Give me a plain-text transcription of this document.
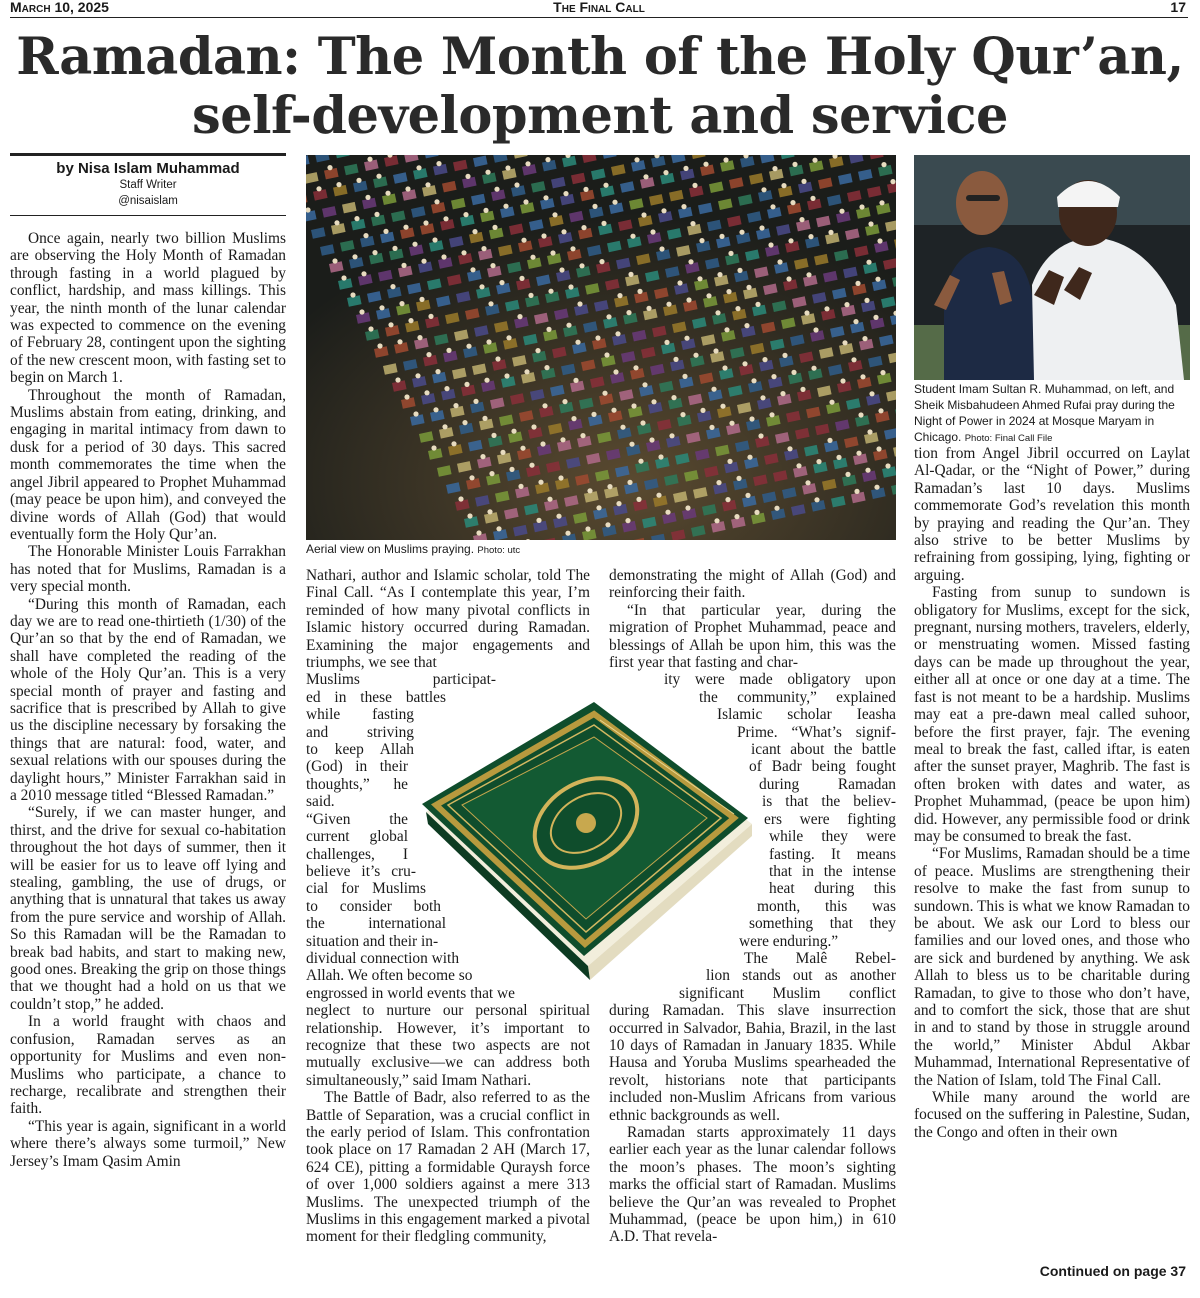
March 10, 2025	The Final Call	17
Ramadan: The Month of the Holy Qur’an,
self-development and service
by Nisa Islam Muhammad
Staff Writer
@nisaislam

Once again, nearly two billion Muslims are observing the Holy Month of Ramadan through fasting in a world plagued by conflict, hardship, and mass killings. This year, the ninth month of the lunar calendar was expected to commence on the evening of February 28, contingent upon the sighting of the new crescent moon, with fasting set to begin on March 1.

Throughout the month of Ramadan, Muslims abstain from eating, drinking, and engaging in marital intimacy from dawn to dusk for a period of 30 days. This sacred month commemorates the time when the angel Jibril appeared to Prophet Muhammad (may peace be upon him), and conveyed the divine words of Allah (God) that would eventually form the Holy Qur’an.

The Honorable Minister Louis Farrakhan has noted that for Muslims, Ramadan is a very special month.

“During this month of Ramadan, each day we are to read one-thirtieth (1/30) of the Qur’an so that by the end of Ramadan, we shall have completed the reading of the whole of the Holy Qur’an. This is a very special month of prayer and fasting and sacrifice that is prescribed by Allah to give us the discipline necessary by forsaking the things that are natural: food, water, and sexual relations with our spouses during the daylight hours,” Minister Farrakhan said in a 2010 message titled “Blessed Ramadan.”

“Surely, if we can master hunger, and thirst, and the drive for sexual co-habitation throughout the hot days of summer, then it will be easier for us to leave off lying and stealing, gambling, the use of drugs, or anything that is unnatural that takes us away from the pure service and worship of Allah. So this Ramadan will be the Ramadan to break bad habits, and start to making new, good ones. Breaking the grip on those things that we thought had a hold on us that we couldn’t stop,” he added.

In a world fraught with chaos and confusion, Ramadan serves as an opportunity for Muslims and even non-Muslims who participate, a chance to recharge, recalibrate and strengthen their faith.

“This year is again, significant in a world where there’s always some turmoil,” New Jersey’s Imam Qasim Amin

Aerial view on Muslims praying. Photo: utc

Nathari, author and Islamic scholar, told The Final Call. “As I contemplate this year, I’m reminded of how many pivotal conflicts in Islamic history occurred during Ramadan. Examining the major engagements and triumphs, we see that

Muslims participat-
ed in these battles
while fasting
and striving
to keep Allah
(God) in their
thoughts,” he
said.
“Given the
current global
challenges, I
believe it’s cru-
cial for Muslims
to consider both
the international
situation and their in-
dividual connection with
Allah. We often become so
engrossed in world events that we

neglect to nurture our personal spiritual relationship. However, it’s important to recognize that these two aspects are not mutually exclusive—we can address both simultaneously,” said Imam Nathari.

The Battle of Badr, also referred to as the Battle of Separation, was a crucial conflict in the early period of Islam. This confrontation took place on 17 Ramadan 2 AH (March 17, 624 CE), pitting a formidable Quraysh force of over 1,000 soldiers against a mere 313 Muslims. The unexpected triumph of the Muslims in this engagement marked a pivotal moment for their fledgling community,

demonstrating the might of Allah (God) and reinforcing their faith.

“In that particular year, during the migration of Prophet Muhammad, peace and blessings of Allah be upon him, this was the first year that fasting and char-

ity were made obligatory upon
the community,” explained
Islamic scholar Ieasha
Prime. “What’s signif-
icant about the battle
of Badr being fought
during Ramadan
is that the believ-
ers were fighting
while they were
fasting. It means
that in the intense
heat during this
month, this was
something that they
were enduring.”
The Malê Rebel-
lion stands out as another
significant Muslim conflict

during Ramadan. This slave insurrection occurred in Salvador, Bahia, Brazil, in the last 10 days of Ramadan in January 1835. While Hausa and Yoruba Muslims spearheaded the revolt, historians note that participants included non-Muslim Africans from various ethnic backgrounds as well.

Ramadan starts approximately 11 days earlier each year as the lunar calendar follows the moon’s phases. The moon’s sighting marks the official start of Ramadan. Muslims believe the Qur’an was revealed to Prophet Muhammad, (peace be upon him,) in 610 A.D. That revela-

Student Imam Sultan R. Muhammad, on left, and Sheik Misbahudeen Ahmed Rufai pray during the Night of Power in 2024 at Mosque Maryam in Chicago. Photo: Final Call File

tion from Angel Jibril occurred on Laylat Al-Qadar, or the “Night of Power,” during Ramadan’s last 10 days. Muslims commemorate God’s revelation this month by praying and reading the Qur’an. They also strive to be better Muslims by refraining from gossiping, lying, fighting or arguing.

Fasting from sunup to sundown is obligatory for Muslims, except for the sick, pregnant, nursing mothers, travelers, elderly, or menstruating women. Missed fasting days can be made up throughout the year, either all at once or one day at a time. The fast is not meant to be a hardship. Muslims may eat a pre-dawn meal called suhoor, before the first prayer, fajr. The evening meal to break the fast, called iftar, is eaten after the sunset prayer, Maghrib. The fast is often broken with dates and water, as Prophet Muhammad, (peace be upon him) did. However, any permissible food or drink may be consumed to break the fast.

“For Muslims, Ramadan should be a time of peace. Muslims are strengthening their resolve to make the fast from sunup to sundown. This is what we know Ramadan to be about. We ask our Lord to bless our families and our loved ones, and those who are sick and burdened by anything. We ask Allah to bless us to be charitable during Ramadan, to give to those who don’t have, and to comfort the sick, those that are shut in and to stand by those in struggle around the world,” Minister Abdul Akbar Muhammad, International Representative of the Nation of Islam, told The Final Call.

While many around the world are focused on the suffering in Palestine, Sudan, the Congo and often in their own

Continued on page 37
